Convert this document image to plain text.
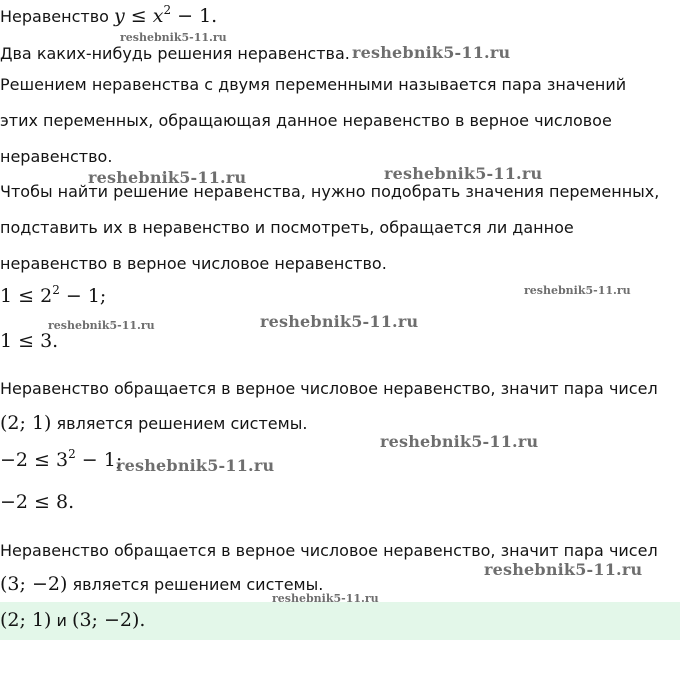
Неравенство $y \le x^2 - 1$.
Два каких-нибудь решения неравенства.
Решением неравенства с двумя переменными называется пара значений
этих переменных, обращающая данное неравенство в верное числовое
неравенство.
Чтобы найти решение неравенства, нужно подобрать значения переменных,
подставить их в неравенство и посмотреть, обращается ли данное
неравенство в верное числовое неравенство.
$1 \le 2^2 - 1$;
1 ≤ 3.
Неравенство обращается в верное числовое неравенство, значит пара чисел
(2; 1) является решением системы.
$-2 \le 3^2 - 1$;
−2 ≤ 8.
Неравенство обращается в верное числовое неравенство, значит пара чисел
(3; −2) является решением системы.
(2; 1) и (3; −2).
reshebnik5-11.ru
reshebnik5-11.ru
reshebnik5-11.ru	reshebnik5-11.ru
reshebnik5-11.ru
reshebnik5-11.ru	reshebnik5-11.ru
reshebnik5-11.ru
reshebnik5-11.ru
reshebnik5-11.ru
reshebnik5-11.ru
